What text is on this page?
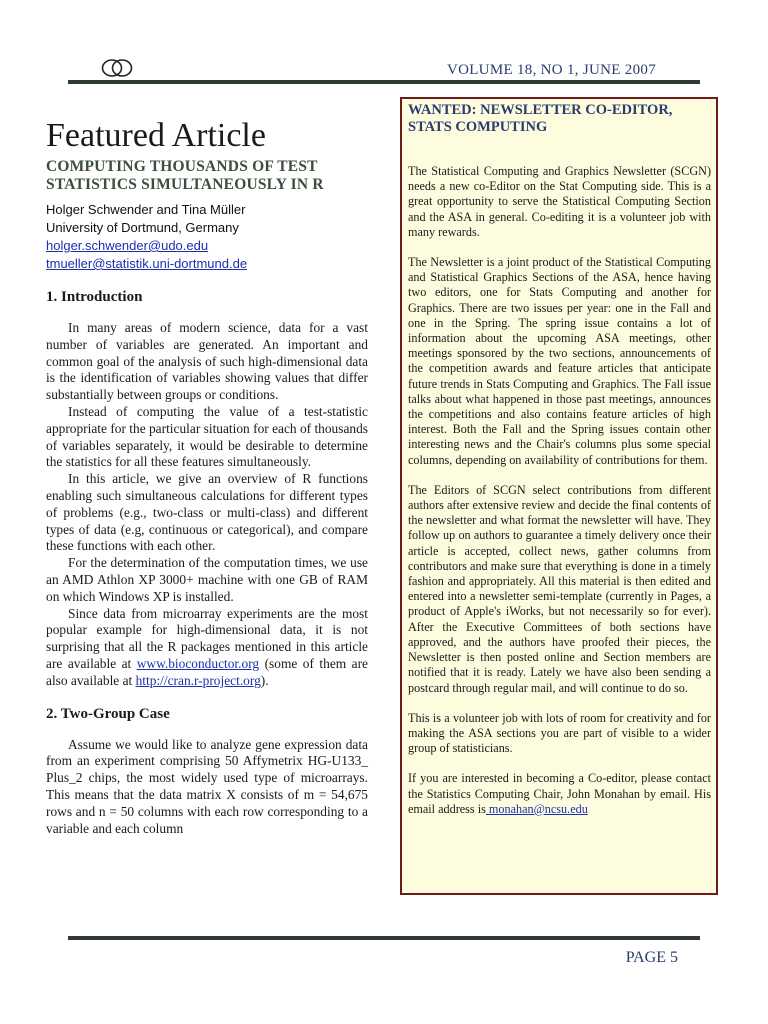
VOLUME 18, NO 1, JUNE 2007
Featured Article
COMPUTING THOUSANDS OF TEST STATISTICS SIMULTANEOUSLY IN R
Holger Schwender and Tina Müller
University of Dortmund, Germany
holger.schwender@udo.edu
tmueller@statistik.uni-dortmund.de
1. Introduction

In many areas of modern science, data for a vast number of variables are generated. An important and common goal of the analysis of such high-dimensional data is the identification of variables showing values that differ substantially between groups or conditions.

Instead of computing the value of a test-statistic appropriate for the particular situation for each of thousands of variables separately, it would be desirable to determine the statistics for all these features simultaneously.

In this article, we give an overview of R functions enabling such simultaneous calculations for different types of problems (e.g., two-class or multi-class) and different types of data (e.g, continuous or categorical), and compare these functions with each other.

For the determination of the computation times, we use an AMD Athlon XP 3000+ machine with one GB of RAM on which Windows XP is installed.

Since data from microarray experiments are the most popular example for high-dimensional data, it is not surprising that all the R packages mentioned in this article are available at www.bioconductor.org (some of them are also available at http://cran.r-project.org).

2. Two-Group Case

Assume we would like to analyze gene expression data from an experiment comprising 50 Affymetrix HG-U133_ Plus_2 chips, the most widely used type of microarrays. This means that the data matrix X consists of m = 54,675 rows and n = 50 columns with each row corresponding to a variable and each column

WANTED: NEWSLETTER CO-EDITOR, STATS COMPUTING

The Statistical Computing and Graphics Newsletter (SCGN) needs a new co-Editor on the Stat Computing side. This is a great opportunity to serve the Statistical Computing Section and the ASA in general. Co-editing it is a volunteer job with many rewards.

The Newsletter is a joint product of the Statistical Computing and Statistical Graphics Sections of the ASA, hence having two editors, one for Stats Computing and another for Graphics. There are two issues per year: one in the Fall and one in the Spring. The spring issue contains a lot of information about the upcoming ASA meetings, other meetings sponsored by the two sections, announcements of the competition awards and feature articles that anticipate future trends in Stats Computing and Graphics. The Fall issue talks about what happened in those past meetings, announces the competitions and also contains feature articles of high interest. Both the Fall and the Spring issues contain other interesting news and the Chair's columns plus some special columns, depending on availability of contributions for them.

The Editors of SCGN select contributions from different authors after extensive review and decide the final contents of the newsletter and what format the newsletter will have. They follow up on authors to guarantee a timely delivery once their article is accepted, collect news, gather columns from contributors and make sure that everything is done in a timely fashion and appropriately. All this material is then edited and entered into a newsletter semi-template (currently in Pages, a product of Apple's iWorks, but not necessarily so for ever). After the Executive Committees of both sections have approved, and the authors have proofed their pieces, the Newsletter is then posted online and Section members are notified that it is ready. Lately we have also been sending a postcard through regular mail, and will continue to do so.

This is a volunteer job with lots of room for creativity and for making the ASA sections you are part of visible to a wider group of statisticians.

If you are interested in becoming a Co-editor, please contact the Statistics Computing Chair, John Monahan by email. His email address is monahan@ncsu.edu

PAGE 5
